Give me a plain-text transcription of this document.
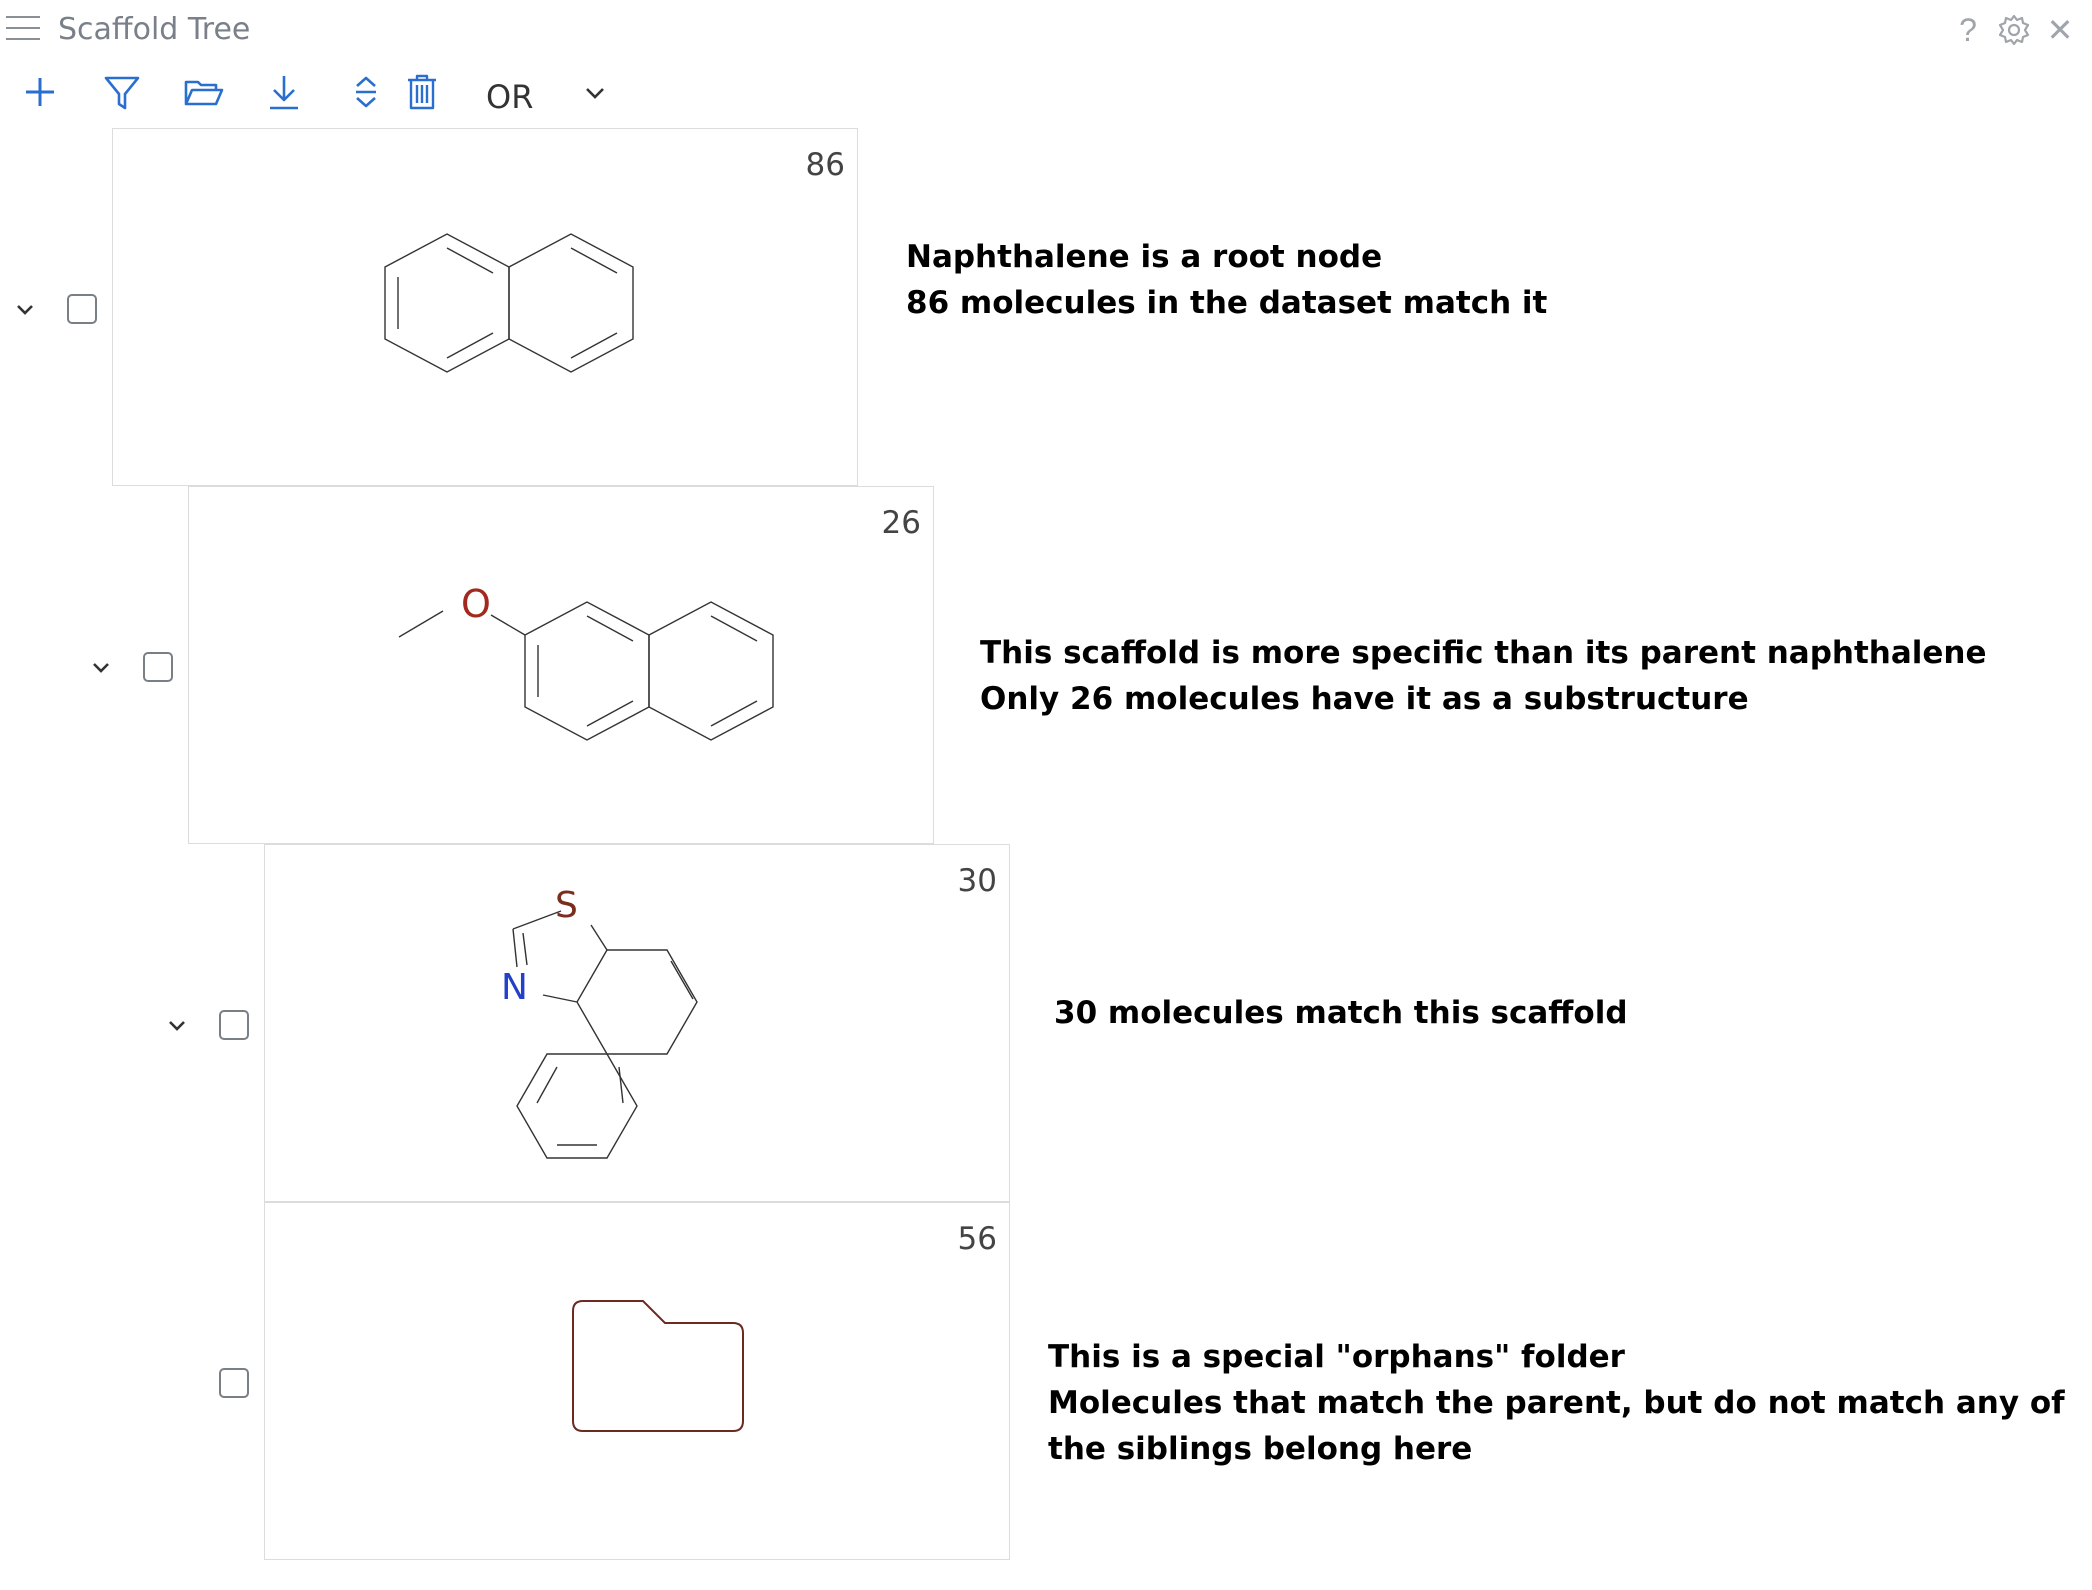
Scaffold Tree	? ✕
OR
86
Naphthalene is a root node
86 molecules in the dataset match it
26
O
This scaffold is more specific than its parent naphthalene
Only 26 molecules have it as a substructure
30
S
N
30 molecules match this scaffold
56
This is a special "orphans" folder
Molecules that match the parent, but do not match any of
the siblings belong here
